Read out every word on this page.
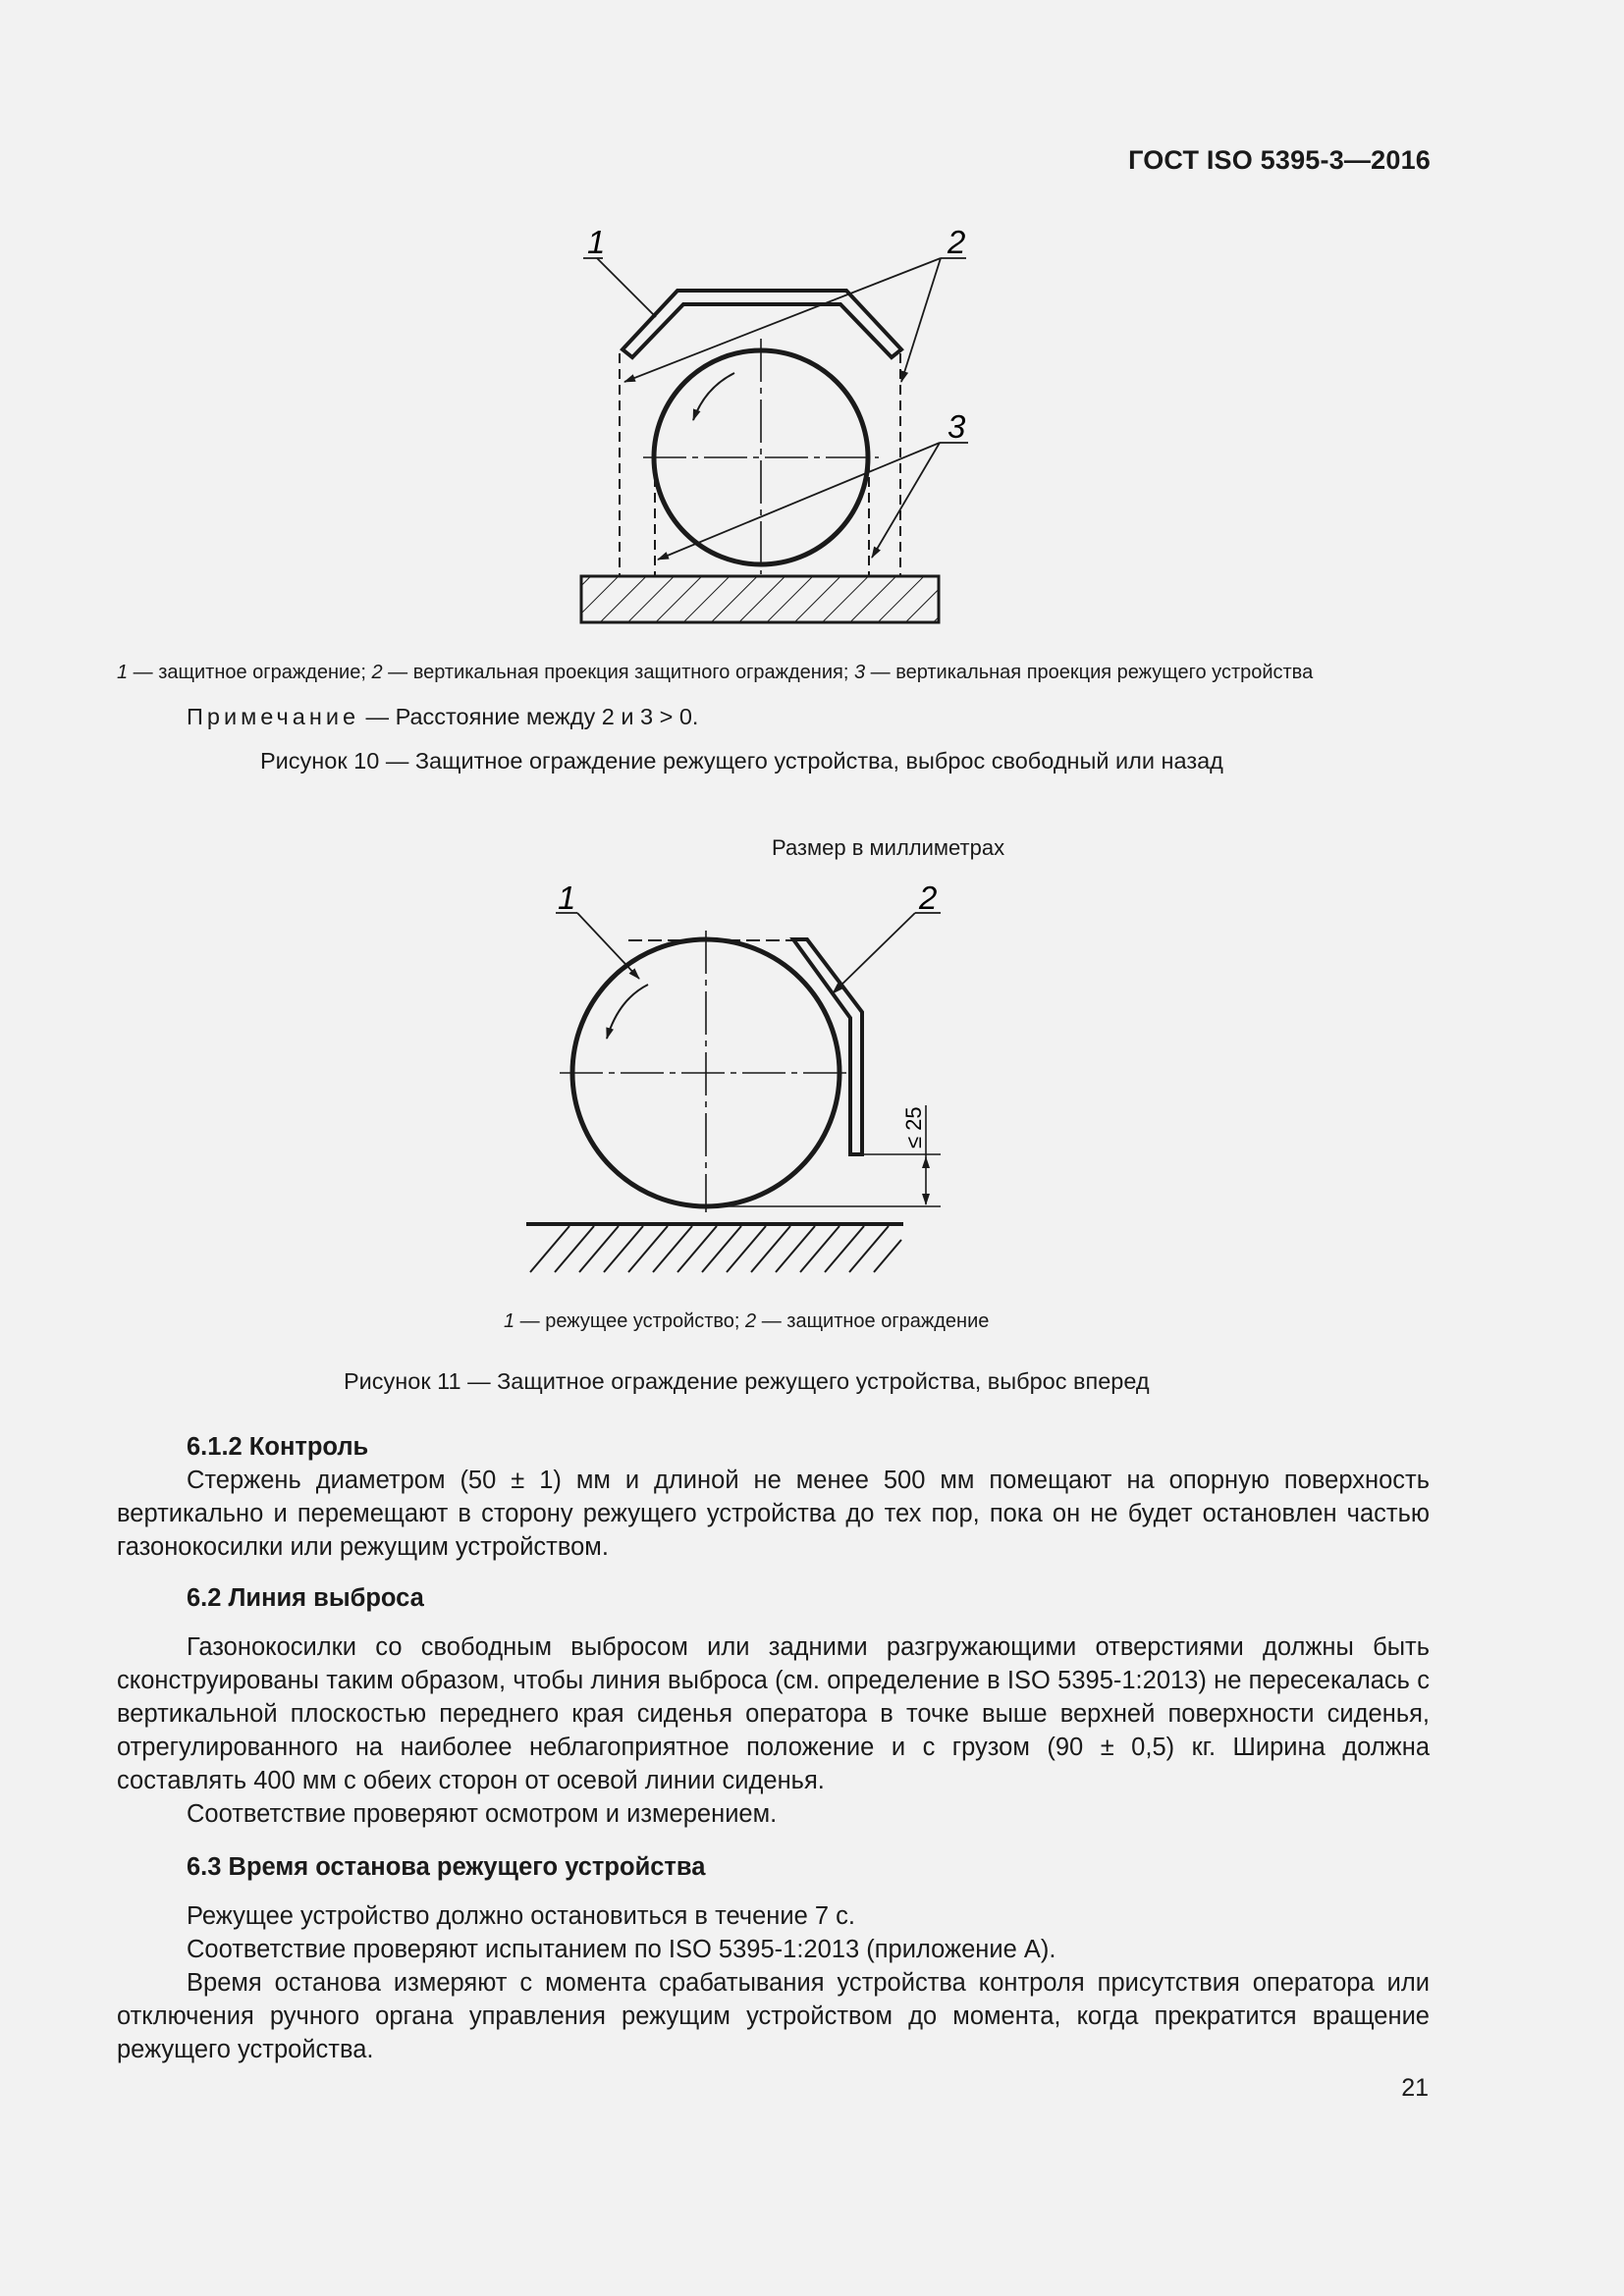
ГОСТ ISO 5395-3—2016
1	2
3
1 — защитное ограждение; 2 — вертикальная проекция защитного ограждения; 3 — вертикальная проекция режущего устройства
Примечание — Расстояние между 2 и 3 > 0.
Рисунок 10 — Защитное ограждение режущего устройства, выброс свободный или назад
Размер в миллиметрах
≤ 25
1	2
1 — режущее устройство; 2 — защитное ограждение
Рисунок 11 — Защитное ограждение режущего устройства, выброс вперед

6.1.2 Контроль

Стержень диаметром (50 ± 1) мм и длиной не менее 500 мм помещают на опорную поверхность вертикально и перемещают в сторону режущего устройства до тех пор, пока он не будет остановлен частью газонокосилки или режущим устройством.

6.2 Линия выброса

Газонокосилки со свободным выбросом или задними разгружающими отверстиями должны быть сконструированы таким образом, чтобы линия выброса (см. определение в ISO 5395-1:2013) не пересекалась с вертикальной плоскостью переднего края сиденья оператора в точке выше верхней поверхности сиденья, отрегулированного на наиболее неблагоприятное положение и с грузом (90 ± 0,5) кг. Ширина должна составлять 400 мм с обеих сторон от осевой линии сиденья.

Соответствие проверяют осмотром и измерением.

6.3 Время останова режущего устройства

Режущее устройство должно остановиться в течение 7 с.

Соответствие проверяют испытанием по ISO 5395-1:2013 (приложение А).

Время останова измеряют с момента срабатывания устройства контроля присутствия оператора или отключения ручного органа управления режущим устройством до момента, когда прекратится вращение режущего устройства.

21
